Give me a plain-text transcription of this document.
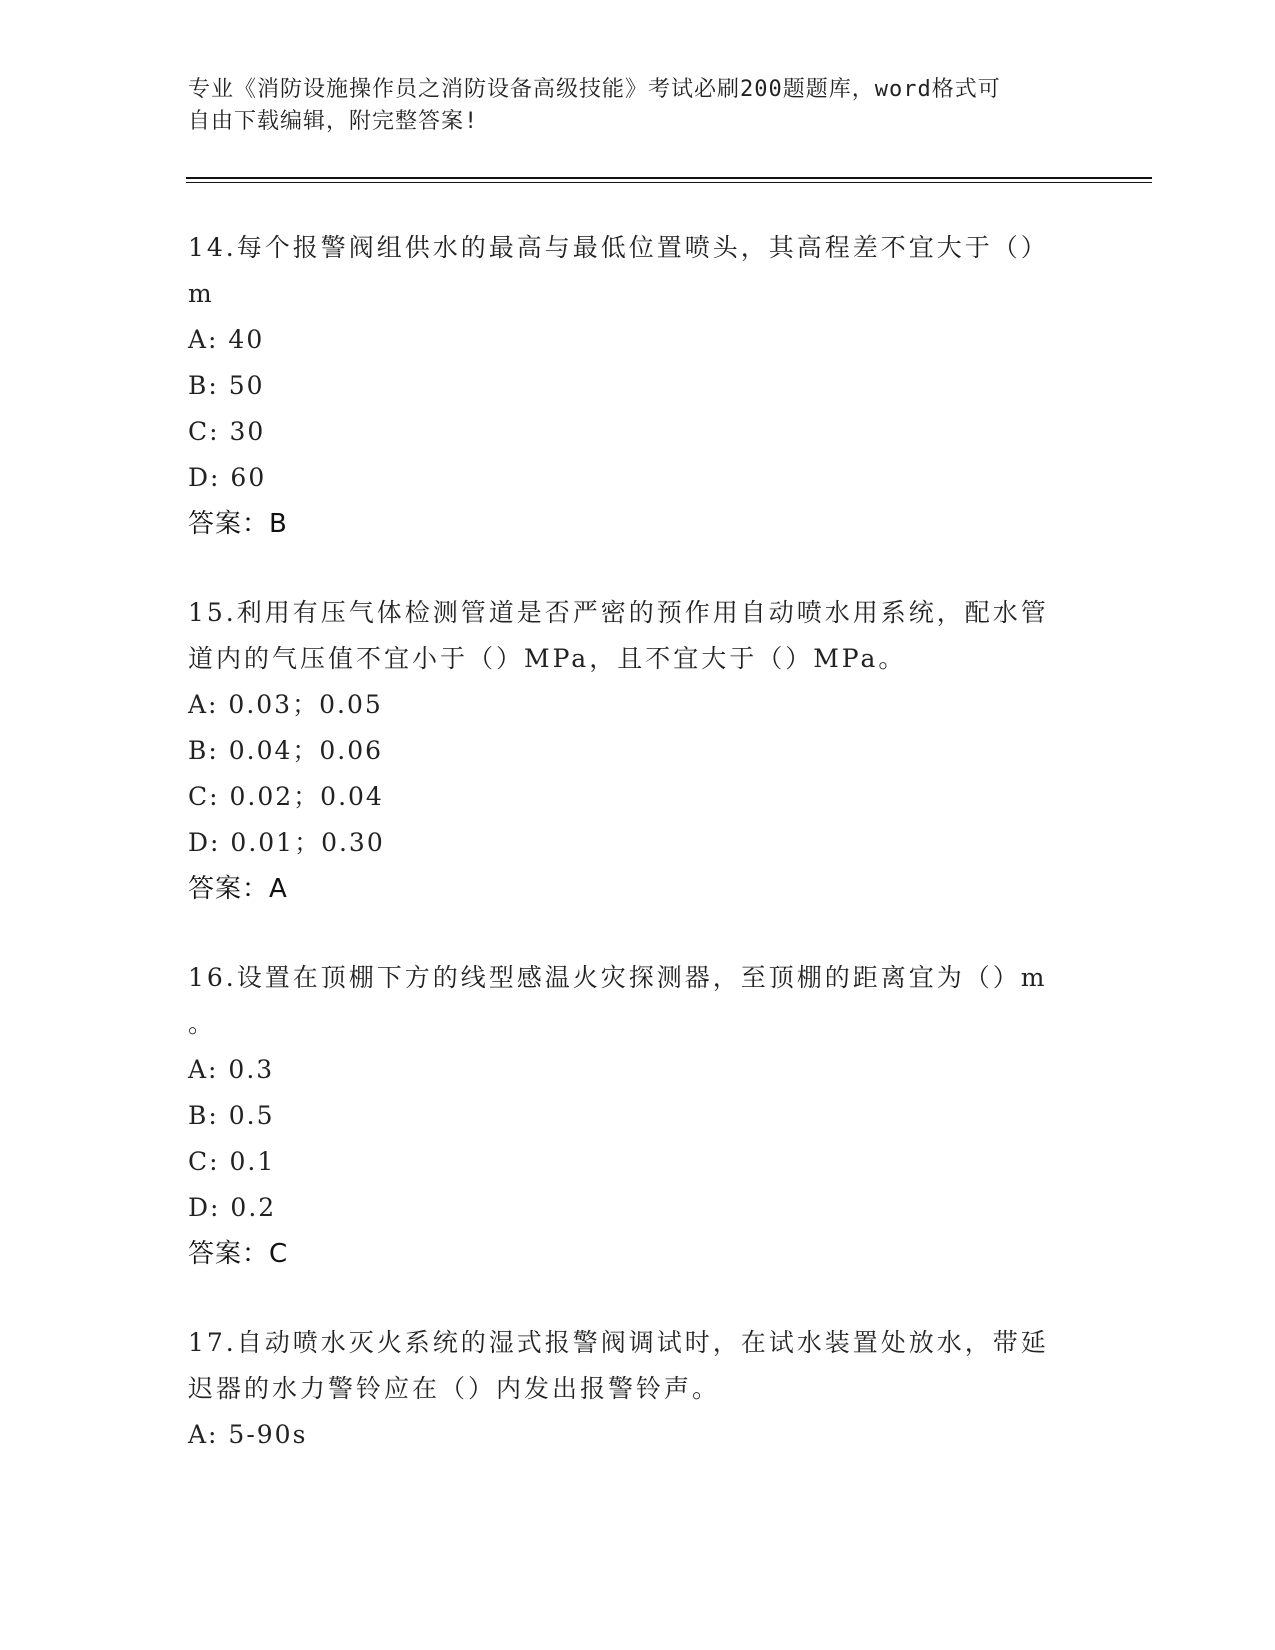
专业《消防设施操作员之消防设备高级技能》考试必刷200题题库，word格式可
自由下载编辑，附完整答案!
14.每个报警阀组供水的最高与最低位置喷头，其高程差不宜大于（）
m
A: 40
B: 50
C: 30
D: 60
答案：B
15.利用有压气体检测管道是否严密的预作用自动喷水用系统，配水管
道内的气压值不宜小于（）MPa，且不宜大于（）MPa。
A: 0.03；0.05
B: 0.04；0.06
C: 0.02；0.04
D: 0.01；0.30
答案：A
16.设置在顶棚下方的线型感温火灾探测器，至顶棚的距离宜为（）m
。
A: 0.3
B: 0.5
C: 0.1
D: 0.2
答案：C
17.自动喷水灭火系统的湿式报警阀调试时，在试水装置处放水，带延
迟器的水力警铃应在（）内发出报警铃声。
A: 5-90s
